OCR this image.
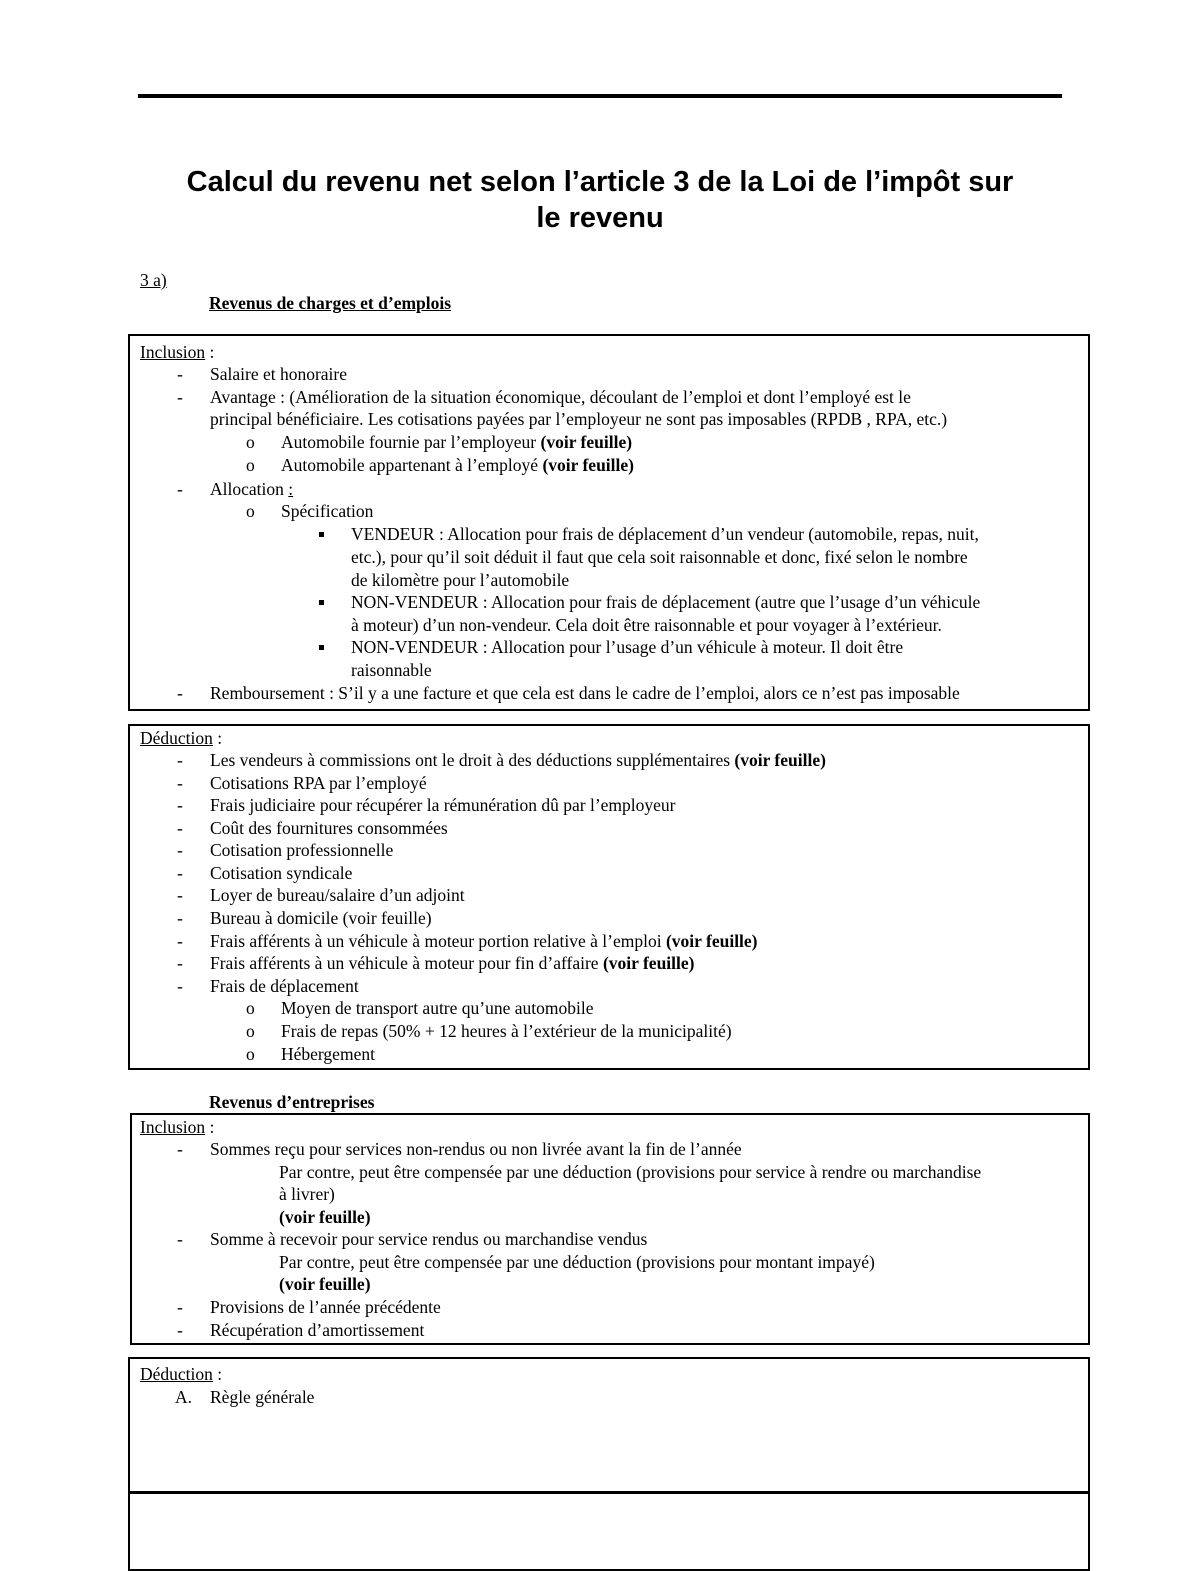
Calcul du revenu net selon l’article 3 de la Loi de l’impôt sur
le revenu
3 a)
Revenus de charges et d’emplois
Inclusion :
- Salaire et honoraire
- Avantage : (Amélioration de la situation économique, découlant de l’emploi et dont l’employé est le
principal bénéficiaire. Les cotisations payées par l’employeur ne sont pas imposables (RPDB , RPA, etc.)
o Automobile fournie par l’employeur (voir feuille)
o Automobile appartenant à l’employé (voir feuille)
- Allocation :
o Spécification
VENDEUR : Allocation pour frais de déplacement d’un vendeur (automobile, repas, nuit,
etc.), pour qu’il soit déduit il faut que cela soit raisonnable et donc, fixé selon le nombre
de kilomètre pour l’automobile
NON-VENDEUR : Allocation pour frais de déplacement (autre que l’usage d’un véhicule
à moteur) d’un non-vendeur. Cela doit être raisonnable et pour voyager à l’extérieur.
NON-VENDEUR : Allocation pour l’usage d’un véhicule à moteur. Il doit être
raisonnable
- Remboursement : S’il y a une facture et que cela est dans le cadre de l’emploi, alors ce n’est pas imposable
Déduction :
- Les vendeurs à commissions ont le droit à des déductions supplémentaires (voir feuille)
- Cotisations RPA par l’employé
- Frais judiciaire pour récupérer la rémunération dû par l’employeur
- Coût des fournitures consommées
- Cotisation professionnelle
- Cotisation syndicale
- Loyer de bureau/salaire d’un adjoint
- Bureau à domicile (voir feuille)
- Frais afférents à un véhicule à moteur portion relative à l’emploi (voir feuille)
- Frais afférents à un véhicule à moteur pour fin d’affaire (voir feuille)
- Frais de déplacement
o Moyen de transport autre qu’une automobile
o Frais de repas (50% + 12 heures à l’extérieur de la municipalité)
o Hébergement
Revenus d’entreprises
Inclusion :
- Sommes reçu pour services non-rendus ou non livrée avant la fin de l’année
Par contre, peut être compensée par une déduction (provisions pour service à rendre ou marchandise
à livrer)
(voir feuille)
- Somme à recevoir pour service rendus ou marchandise vendus
Par contre, peut être compensée par une déduction (provisions pour montant impayé)
(voir feuille)
- Provisions de l’année précédente
- Récupération d’amortissement
Déduction :
A. Règle générale
